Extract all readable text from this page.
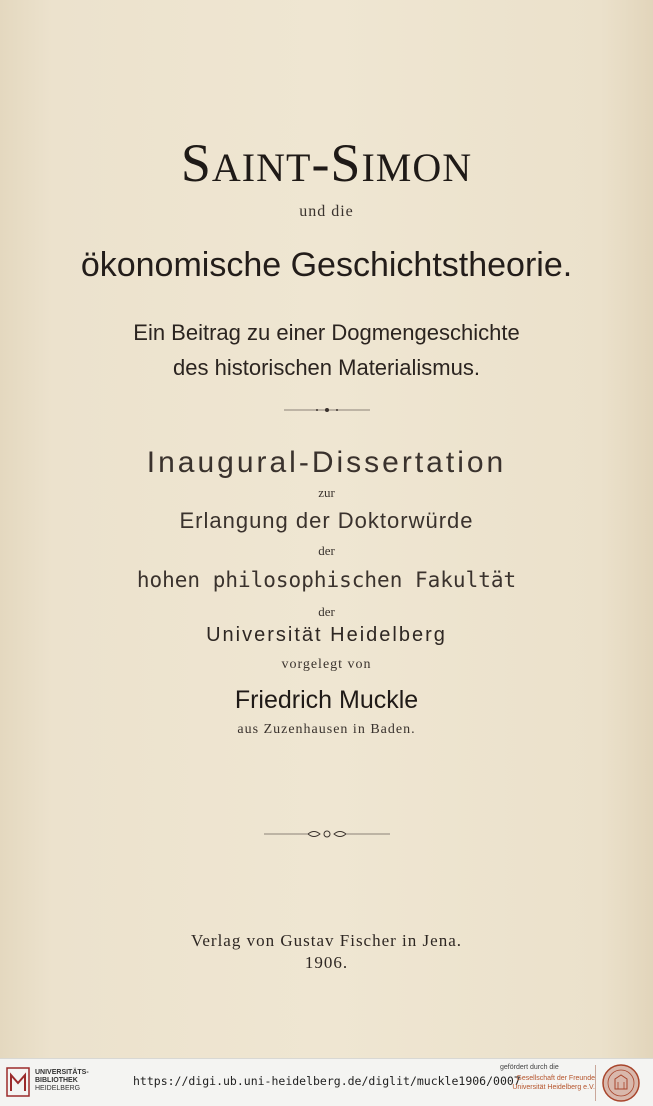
SAINT-SIMON
und die
ökonomische Geschichtstheorie.
Ein Beitrag zu einer Dogmengeschichte
des historischen Materialismus.
Inaugural-Dissertation
zur
Erlangung der Doktorwürde
der
hohen philosophischen Fakultät
der
Universität Heidelberg
vorgelegt von
Friedrich Muckle
aus Zuzenhausen in Baden.
Verlag von Gustav Fischer in Jena.
1906.
UNIVERSITÄTS-
BIBLIOTHEK
HEIDELBERG
https://digi.ub.uni-heidelberg.de/diglit/muckle1906/0007
gefördert durch die
Gesellschaft der Freunde
Universität Heidelberg e.V.
